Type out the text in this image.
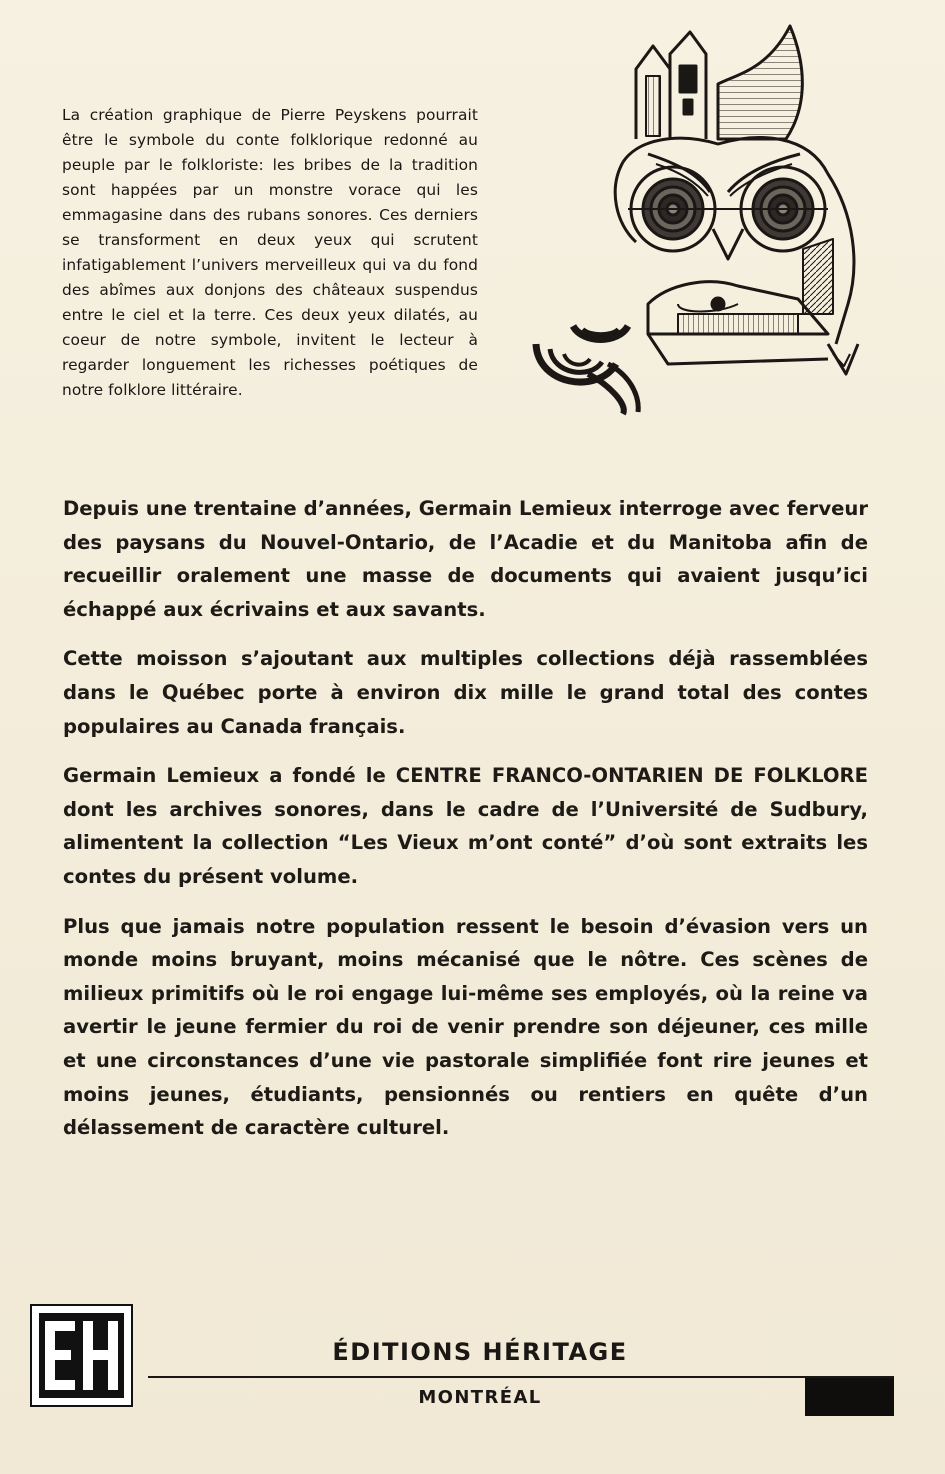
La création graphique de Pierre Peyskens pourrait être le symbole du conte folklorique redonné au peuple par le folkloriste: les bribes de la tradition sont happées par un monstre vorace qui les emmagasine dans des rubans sonores. Ces derniers se transforment en deux yeux qui scrutent infatigablement l’univers merveilleux qui va du fond des abîmes aux donjons des châteaux suspendus entre le ciel et la terre. Ces deux yeux dilatés, au coeur de notre symbole, invitent le lecteur à regarder longuement les richesses poétiques de notre folklore littéraire.

Depuis une trentaine d’années, Germain Lemieux interroge avec ferveur des paysans du Nouvel-Ontario, de l’Acadie et du Manitoba afin de recueillir oralement une masse de documents qui avaient jusqu’ici échappé aux écrivains et aux savants.

Cette moisson s’ajoutant aux multiples collections déjà rassemblées dans le Québec porte à environ dix mille le grand total des contes populaires au Canada français.

Germain Lemieux a fondé le CENTRE FRANCO-ONTARIEN DE FOLKLORE dont les archives sonores, dans le cadre de l’Université de Sudbury, alimentent la collection “Les Vieux m’ont conté” d’où sont extraits les contes du présent volume.

Plus que jamais notre population ressent le besoin d’évasion vers un monde moins bruyant, moins mécanisé que le nôtre. Ces scènes de milieux primitifs où le roi engage lui-même ses employés, où la reine va avertir le jeune fermier du roi de venir prendre son déjeuner, ces mille et une circonstances d’une vie pastorale simplifiée font rire jeunes et moins jeunes, étudiants, pensionnés ou rentiers en quête d’un délassement de caractère culturel.

ÉDITIONS HÉRITAGE
MONTRÉAL
